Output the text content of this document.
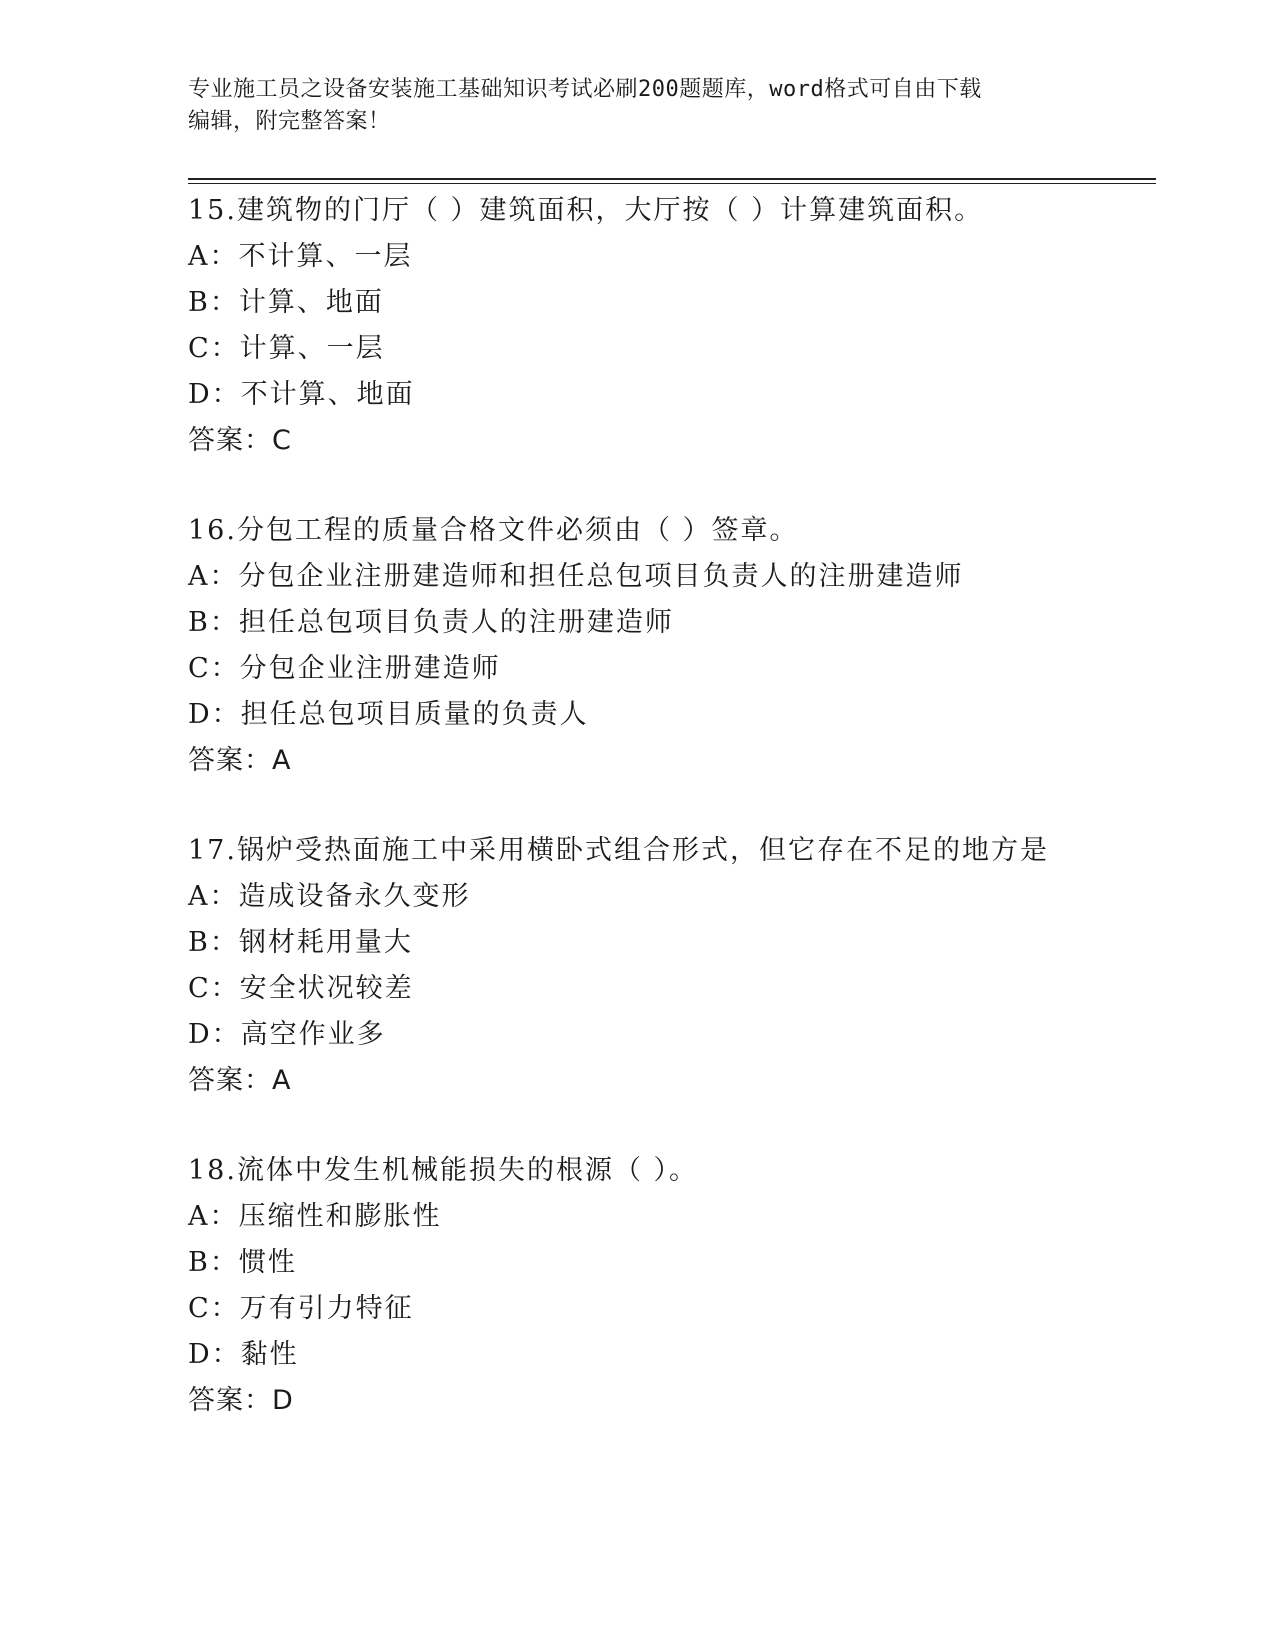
专业施工员之设备安装施工基础知识考试必刷200题题库，word格式可自由下载
编辑，附完整答案！
15.建筑物的门厅（ ）建筑面积，大厅按（ ）计算建筑面积。
A：不计算、一层
B：计算、地面
C：计算、一层
D：不计算、地面
答案：C
16.分包工程的质量合格文件必须由（ ）签章。
A：分包企业注册建造师和担任总包项目负责人的注册建造师
B：担任总包项目负责人的注册建造师
C：分包企业注册建造师
D：担任总包项目质量的负责人
答案：A
17.锅炉受热面施工中采用横卧式组合形式，但它存在不足的地方是
A：造成设备永久变形
B：钢材耗用量大
C：安全状况较差
D：高空作业多
答案：A
18.流体中发生机械能损失的根源（ ）。
A：压缩性和膨胀性
B：惯性
C：万有引力特征
D：黏性
答案：D
